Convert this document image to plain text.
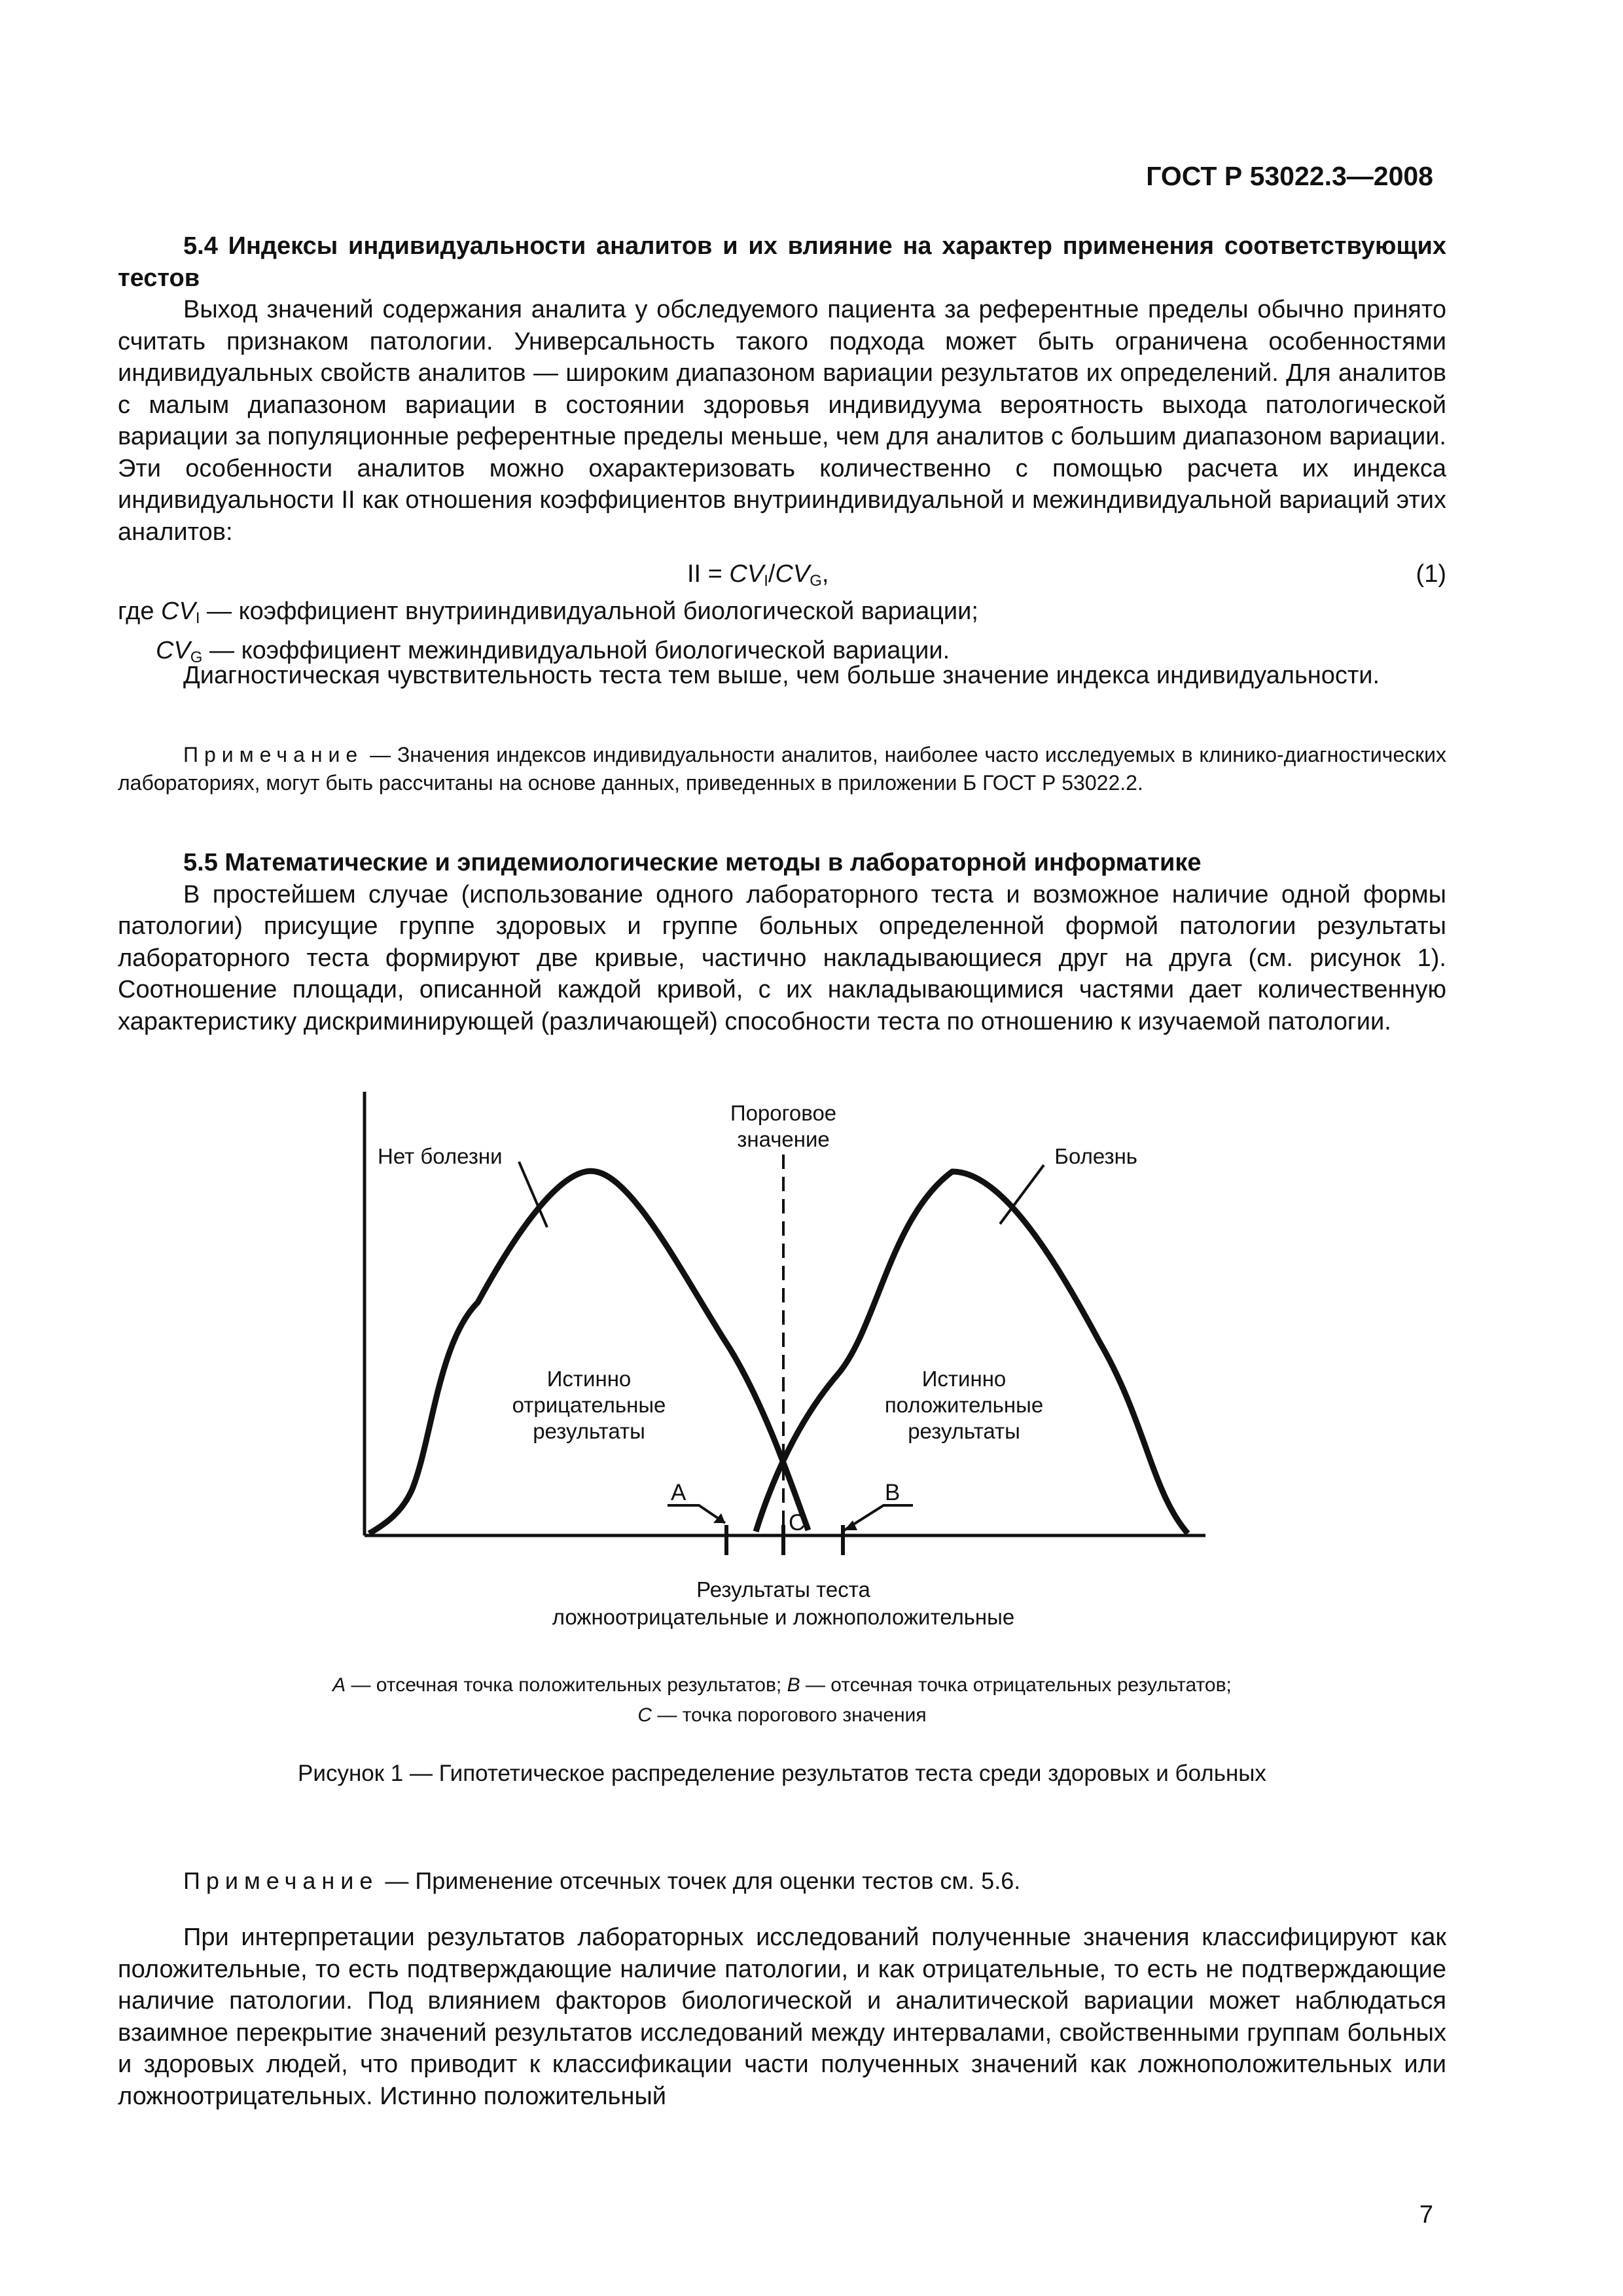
ГОСТ Р 53022.3—2008

5.4 Индексы индивидуальности аналитов и их влияние на характер применения соответствующих тестов

Выход значений содержания аналита у обследуемого пациента за референтные пределы обычно принято считать признаком патологии. Универсальность такого подхода может быть ограничена особенностями индивидуальных свойств аналитов — широким диапазоном вариации результатов их определений. Для аналитов с малым диапазоном вариации в состоянии здоровья индивидуума вероятность выхода патологической вариации за популяционные референтные пределы меньше, чем для аналитов с большим диапазоном вариации. Эти особенности аналитов можно охарактеризовать количественно с помощью расчета их индекса индивидуальности II как отношения коэффициентов внутрииндивидуальной и межиндивидуальной вариаций этих аналитов:

II = $CV_I/CV_G$,	(1)
где $CV_I$ — коэффициент внутрииндивидуальной биологической вариации;
$CV_G$ — коэффициент межиндивидуальной биологической вариации.

Диагностическая чувствительность теста тем выше, чем больше значение индекса индивидуальности.

Примечание — Значения индексов индивидуальности аналитов, наиболее часто исследуемых в клинико-диагностических лабораториях, могут быть рассчитаны на основе данных, приведенных в приложении Б ГОСТ Р 53022.2.

5.5 Математические и эпидемиологические методы в лабораторной информатике

В простейшем случае (использование одного лабораторного теста и возможное наличие одной формы патологии) присущие группе здоровых и группе больных определенной формой патологии результаты лабораторного теста формируют две кривые, частично накладывающиеся друг на друга (см. рисунок 1). Соотношение площади, описанной каждой кривой, с их накладывающимися частями дает количественную характеристику дискриминирующей (различающей) способности теста по отношению к изучаемой патологии.

Нет болезни	Болезнь
Пороговое
значение
Истинно
отрицательные
результаты
Истинно
положительные
результаты
A	B
C
Результаты теста
ложноотрицательные и ложноположительные
A — отсечная точка положительных результатов; B — отсечная точка отрицательных результатов;
C — точка порогового значения
Рисунок 1 — Гипотетическое распределение результатов теста среди здоровых и больных

Примечание — Применение отсечных точек для оценки тестов см. 5.6.

При интерпретации результатов лабораторных исследований полученные значения классифицируют как положительные, то есть подтверждающие наличие патологии, и как отрицательные, то есть не подтверждающие наличие патологии. Под влиянием факторов биологической и аналитической вариации может наблюдаться взаимное перекрытие значений результатов исследований между интервалами, свойственными группам больных и здоровых людей, что приводит к классификации части полученных значений как ложноположительных или ложноотрицательных. Истинно положительный

7
